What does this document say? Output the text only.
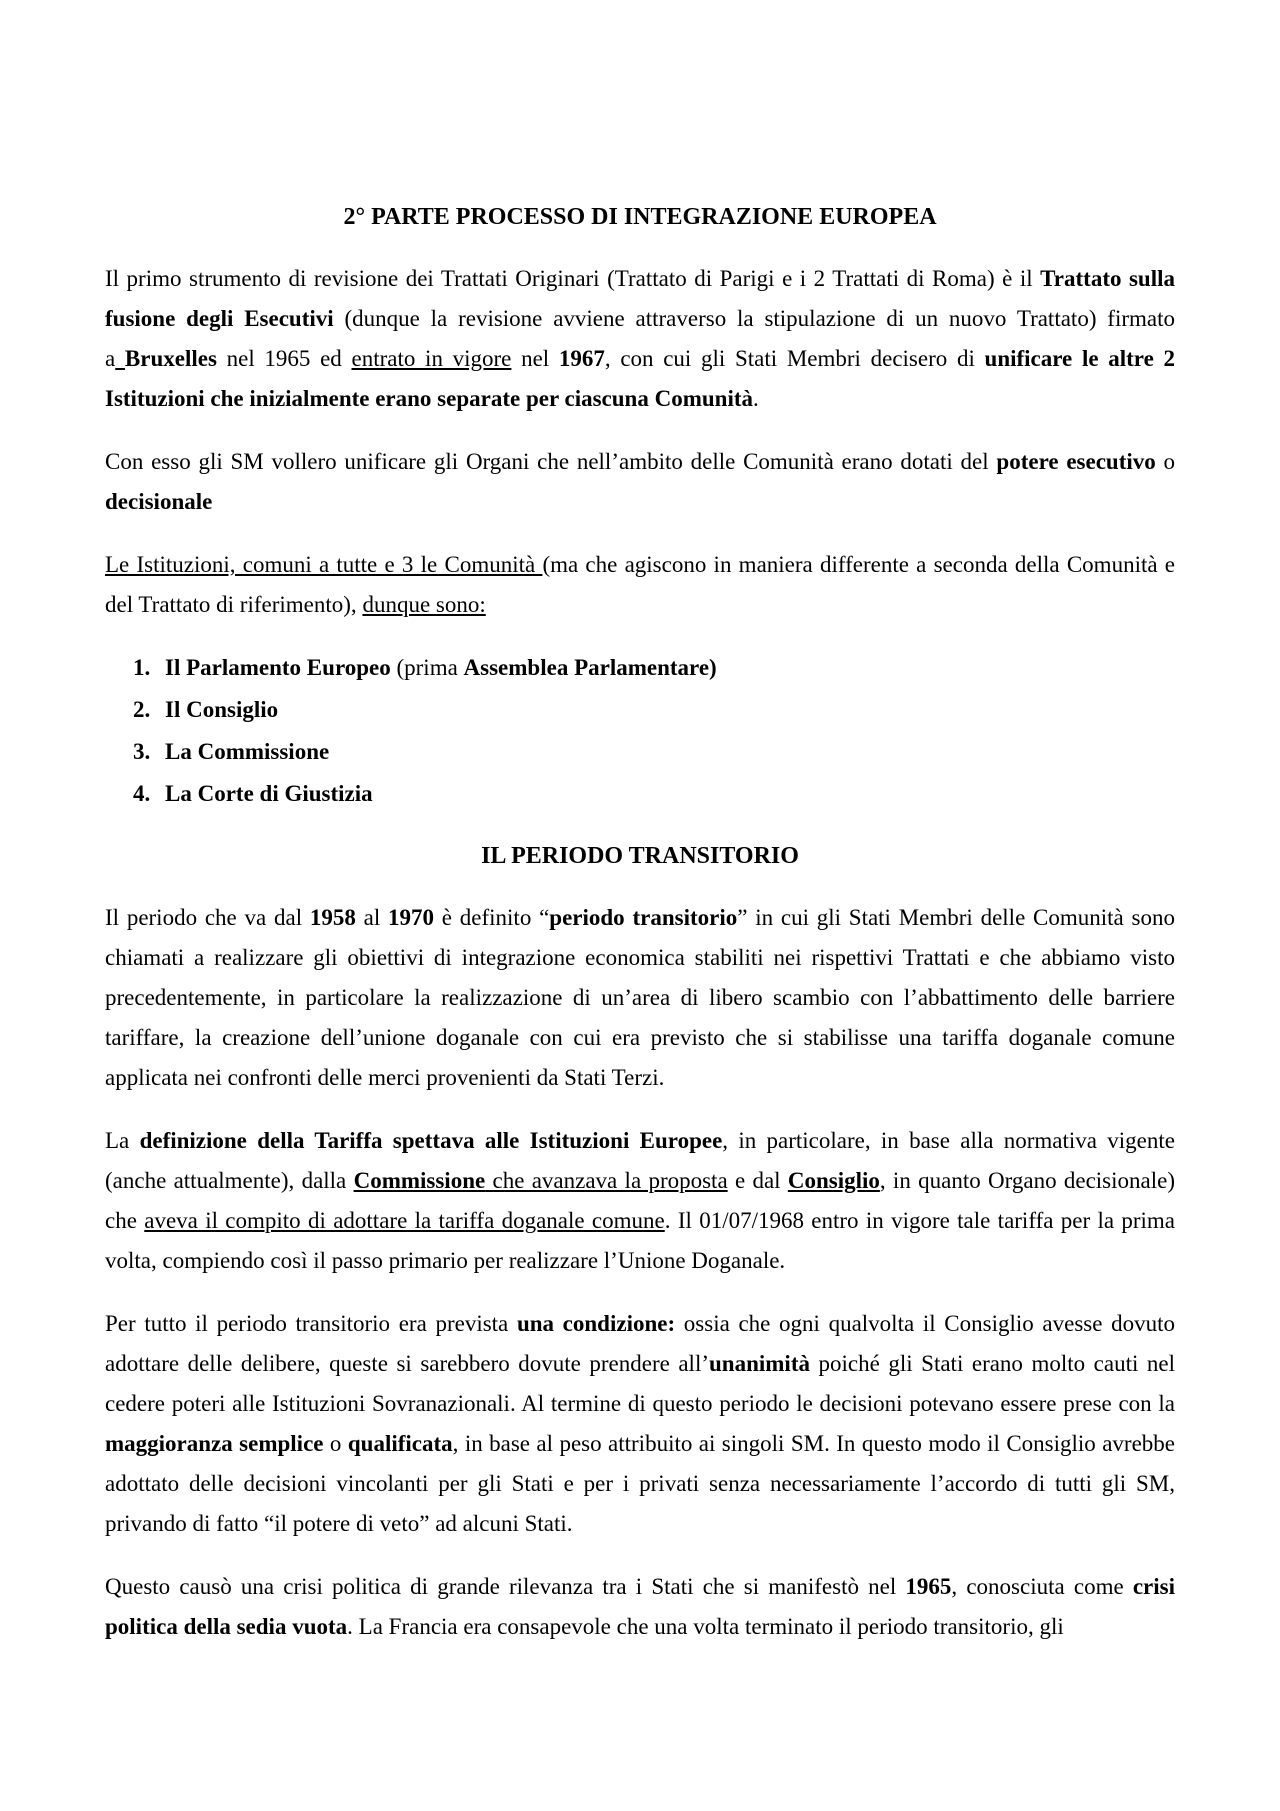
2° PARTE PROCESSO DI INTEGRAZIONE EUROPEA

Il primo strumento di revisione dei Trattati Originari (Trattato di Parigi e i 2 Trattati di Roma) è il Trattato sulla fusione degli Esecutivi (dunque la revisione avviene attraverso la stipulazione di un nuovo Trattato) firmato a Bruxelles nel 1965 ed entrato in vigore nel 1967, con cui gli Stati Membri decisero di unificare le altre 2 Istituzioni che inizialmente erano separate per ciascuna Comunità.

Con esso gli SM vollero unificare gli Organi che nell’ambito delle Comunità erano dotati del potere esecutivo o decisionale

Le Istituzioni, comuni a tutte e 3 le Comunità (ma che agiscono in maniera differente a seconda della Comunità e del Trattato di riferimento), dunque sono:

1. Il Parlamento Europeo (prima Assemblea Parlamentare)
2. Il Consiglio
3. La Commissione
4. La Corte di Giustizia

IL PERIODO TRANSITORIO

Il periodo che va dal 1958 al 1970 è definito “periodo transitorio” in cui gli Stati Membri delle Comunità sono chiamati a realizzare gli obiettivi di integrazione economica stabiliti nei rispettivi Trattati e che abbiamo visto precedentemente, in particolare la realizzazione di un’area di libero scambio con l’abbattimento delle barriere tariffare, la creazione dell’unione doganale con cui era previsto che si stabilisse una tariffa doganale comune applicata nei confronti delle merci provenienti da Stati Terzi.

La definizione della Tariffa spettava alle Istituzioni Europee, in particolare, in base alla normativa vigente (anche attualmente), dalla Commissione che avanzava la proposta e dal Consiglio, in quanto Organo decisionale) che aveva il compito di adottare la tariffa doganale comune. Il 01/07/1968 entro in vigore tale tariffa per la prima volta, compiendo così il passo primario per realizzare l’Unione Doganale.

Per tutto il periodo transitorio era prevista una condizione: ossia che ogni qualvolta il Consiglio avesse dovuto adottare delle delibere, queste si sarebbero dovute prendere all’unanimità poiché gli Stati erano molto cauti nel cedere poteri alle Istituzioni Sovranazionali. Al termine di questo periodo le decisioni potevano essere prese con la maggioranza semplice o qualificata, in base al peso attribuito ai singoli SM. In questo modo il Consiglio avrebbe adottato delle decisioni vincolanti per gli Stati e per i privati senza necessariamente l’accordo di tutti gli SM, privando di fatto “il potere di veto” ad alcuni Stati.

Questo causò una crisi politica di grande rilevanza tra i Stati che si manifestò nel 1965, conosciuta come crisi politica della sedia vuota. La Francia era consapevole che una volta terminato il periodo transitorio, gli
